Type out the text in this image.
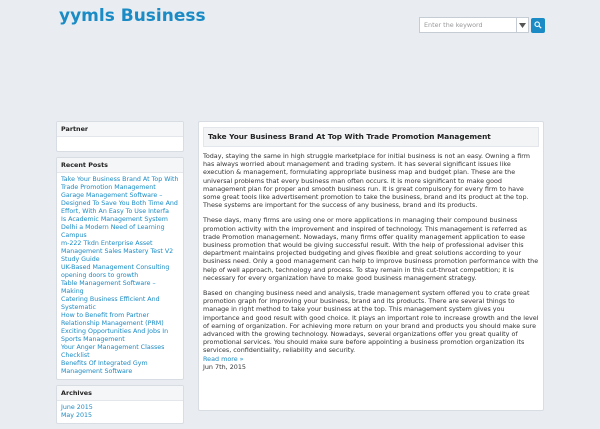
yymls Business	Enter the keyword
Partner
Recent Posts
Take Your Business Brand At Top With
Trade Promotion Management
Garage Management Software –
Designed To Save You Both Time And
Effort, With An Easy To Use Interfa
Is Academic Management System
Delhi a Modern Need of Learning
Campus
m-222 Tkdn Enterprise Asset
Management Sales Mastery Test V2
Study Guide
UK-Based Management Consulting
opening doors to growth
Table Management Software – Making
Catering Business Efficient And
Systematic
How to Benefit from Partner
Relationship Management (PRM)
Exciting Opportunities And Jobs In
Sports Management
Your Anger Management Classes
Checklist
Benefits Of Integrated Gym
Management Software
Archives
June 2015
May 2015
Take Your Business Brand At Top With Trade Promotion Management

Today, staying the same in high struggle marketplace for initial business is not an easy. Owning a firm has always worried about management and trading system. It has several significant issues like execution & management, formulating appropriate business map and budget plan. These are the universal problems that every business man often occurs. It is more significant to make good management plan for proper and smooth business run. It is great compulsory for every firm to have some great tools like advertisement promotion to take the business, brand and its product at the top. These systems are important for the success of any business, brand and its products.

These days, many firms are using one or more applications in managing their compound business promotion activity with the improvement and inspired of technology. This management is referred as trade Promotion management. Nowadays, many firms offer quality management application to ease business promotion that would be giving successful result. With the help of professional adviser this department maintains projected budgeting and gives flexible and great solutions according to your business need. Only a good management can help to improve business promotion performance with the help of well approach, technology and process. To stay remain in this cut-throat competition; it is necessary for every organization have to make good business management strategy.

Based on changing business need and analysis, trade management system offered you to crate great promotion graph for improving your business, brand and its products. There are several things to manage in right method to take your business at the top. This management system gives you importance and good result with good choice. It plays an important role to increase growth and the level of earning of organization. For achieving more return on your brand and products you should make sure advanced with the growing technology. Nowadays, several organizations offer you great quality of promotional services. You should make sure before appointing a business promotion organization its services, confidentiality, reliability and security.

Read more »
Jun 7th, 2015
